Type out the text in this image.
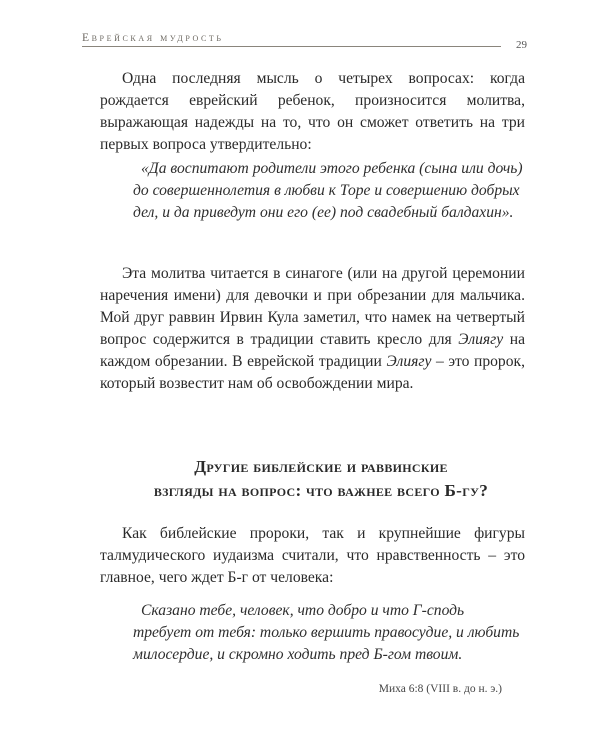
Еврейская мудрость
29

Одна последняя мысль о четырех вопросах: когда рождается еврейский ребенок, произносится молитва, выражающая надежды на то, что он сможет ответить на три первых вопроса утвердительно:

«Да воспитают родители этого ребенка (сына или дочь) до совершеннолетия в любви к Торе и совершению добрых дел, и да приведут они его (ее) под свадебный балдахин».

Эта молитва читается в синагоге (или на другой церемонии наречения имени) для девочки и при обрезании для мальчика. Мой друг раввин Ирвин Кула заметил, что намек на четвертый вопрос содержится в традиции ставить кресло для Элиягу на каждом обрезании. В еврейской традиции Элиягу – это пророк, который возвестит нам об освобождении мира.

Другие библейские и раввинские
взгляды на вопрос: что важнее всего Б-гу?

Как библейские пророки, так и крупнейшие фигуры талмудического иудаизма считали, что нравственность – это главное, чего ждет Б-г от человека:

Сказано тебе, человек, что добро и что Г-сподь требует от тебя: только вершить правосудие, и любить милосердие, и скромно ходить пред Б-гом твоим.

Миха 6:8 (VIII в. до н. э.)
